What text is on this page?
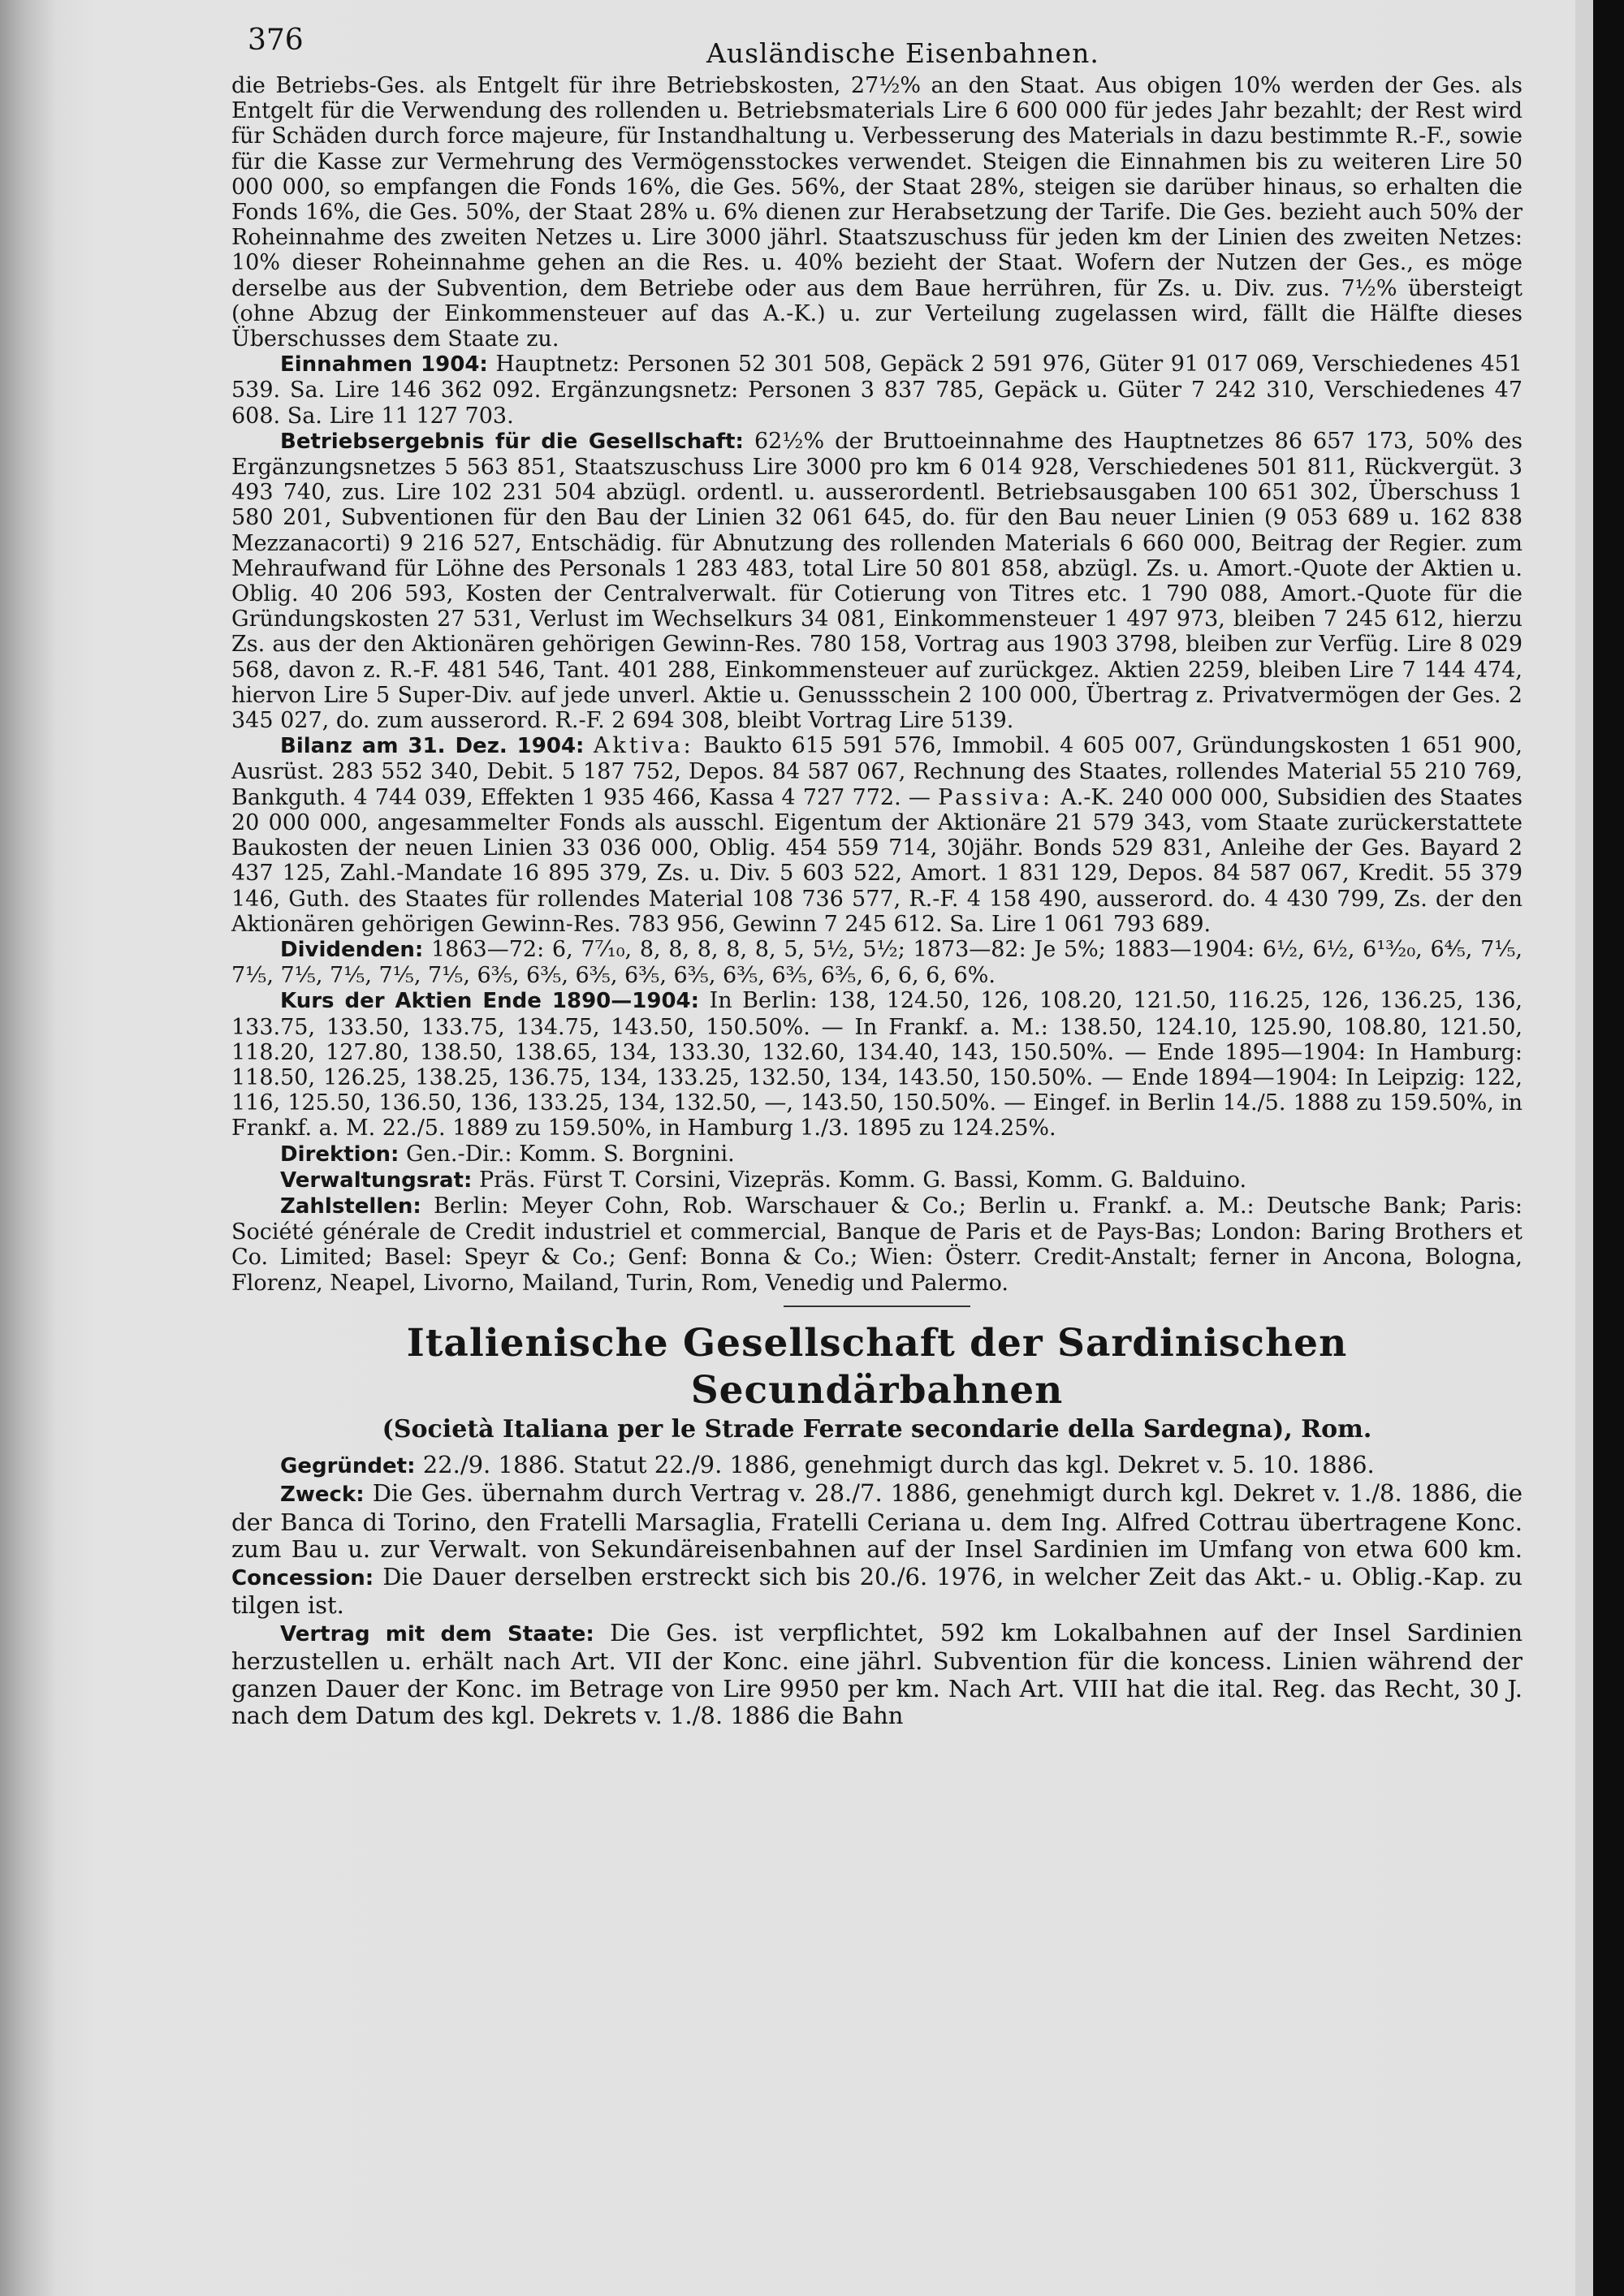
376	Ausländische Eisenbahnen.

die Betriebs-Ges. als Entgelt für ihre Betriebskosten, 27½% an den Staat. Aus obigen 10% werden der Ges. als Entgelt für die Verwendung des rollenden u. Betriebsmaterials Lire 6 600 000 für jedes Jahr bezahlt; der Rest wird für Schäden durch force majeure, für Instandhaltung u. Verbesserung des Materials in dazu bestimmte R.-F., sowie für die Kasse zur Vermehrung des Vermögensstockes verwendet. Steigen die Einnahmen bis zu weiteren Lire 50 000 000, so empfangen die Fonds 16%, die Ges. 56%, der Staat 28%, steigen sie darüber hinaus, so erhalten die Fonds 16%, die Ges. 50%, der Staat 28% u. 6% dienen zur Herabsetzung der Tarife. Die Ges. bezieht auch 50% der Roheinnahme des zweiten Netzes u. Lire 3000 jährl. Staatszuschuss für jeden km der Linien des zweiten Netzes: 10% dieser Roheinnahme gehen an die Res. u. 40% bezieht der Staat. Wofern der Nutzen der Ges., es möge derselbe aus der Subvention, dem Betriebe oder aus dem Baue herrühren, für Zs. u. Div. zus. 7½% übersteigt (ohne Abzug der Einkommensteuer auf das A.-K.) u. zur Verteilung zugelassen wird, fällt die Hälfte dieses Überschusses dem Staate zu.

Einnahmen 1904: Hauptnetz: Personen 52 301 508, Gepäck 2 591 976, Güter 91 017 069, Verschiedenes 451 539. Sa. Lire 146 362 092. Ergänzungsnetz: Personen 3 837 785, Gepäck u. Güter 7 242 310, Verschiedenes 47 608. Sa. Lire 11 127 703.

Betriebsergebnis für die Gesellschaft: 62½% der Bruttoeinnahme des Hauptnetzes 86 657 173, 50% des Ergänzungsnetzes 5 563 851, Staatszuschuss Lire 3000 pro km 6 014 928, Verschiedenes 501 811, Rückvergüt. 3 493 740, zus. Lire 102 231 504 abzügl. ordentl. u. ausserordentl. Betriebsausgaben 100 651 302, Überschuss 1 580 201, Subventionen für den Bau der Linien 32 061 645, do. für den Bau neuer Linien (9 053 689 u. 162 838 Mezzanacorti) 9 216 527, Entschädig. für Abnutzung des rollenden Materials 6 660 000, Beitrag der Regier. zum Mehraufwand für Löhne des Personals 1 283 483, total Lire 50 801 858, abzügl. Zs. u. Amort.-Quote der Aktien u. Oblig. 40 206 593, Kosten der Centralverwalt. für Cotierung von Titres etc. 1 790 088, Amort.-Quote für die Gründungskosten 27 531, Verlust im Wechselkurs 34 081, Einkommensteuer 1 497 973, bleiben 7 245 612, hierzu Zs. aus der den Aktionären gehörigen Gewinn-Res. 780 158, Vortrag aus 1903 3798, bleiben zur Verfüg. Lire 8 029 568, davon z. R.-F. 481 546, Tant. 401 288, Einkommensteuer auf zurückgez. Aktien 2259, bleiben Lire 7 144 474, hiervon Lire 5 Super-Div. auf jede unverl. Aktie u. Genussschein 2 100 000, Übertrag z. Privatvermögen der Ges. 2 345 027, do. zum ausserord. R.-F. 2 694 308, bleibt Vortrag Lire 5139.

Bilanz am 31. Dez. 1904: Aktiva: Baukto 615 591 576, Immobil. 4 605 007, Gründungskosten 1 651 900, Ausrüst. 283 552 340, Debit. 5 187 752, Depos. 84 587 067, Rechnung des Staates, rollendes Material 55 210 769, Bankguth. 4 744 039, Effekten 1 935 466, Kassa 4 727 772. — Passiva: A.-K. 240 000 000, Subsidien des Staates 20 000 000, angesammelter Fonds als ausschl. Eigentum der Aktionäre 21 579 343, vom Staate zurückerstattete Baukosten der neuen Linien 33 036 000, Oblig. 454 559 714, 30jähr. Bonds 529 831, Anleihe der Ges. Bayard 2 437 125, Zahl.-Mandate 16 895 379, Zs. u. Div. 5 603 522, Amort. 1 831 129, Depos. 84 587 067, Kredit. 55 379 146, Guth. des Staates für rollendes Material 108 736 577, R.-F. 4 158 490, ausserord. do. 4 430 799, Zs. der den Aktionären gehörigen Gewinn-Res. 783 956, Gewinn 7 245 612. Sa. Lire 1 061 793 689.

Dividenden: 1863—72: 6, 7⁷⁄₁₀, 8, 8, 8, 8, 8, 5, 5½, 5½; 1873—82: Je 5%; 1883—1904: 6½, 6½, 6¹³⁄₂₀, 6⁴⁄₅, 7¹⁄₅, 7¹⁄₅, 7¹⁄₅, 7¹⁄₅, 7¹⁄₅, 7¹⁄₅, 6³⁄₅, 6³⁄₅, 6³⁄₅, 6³⁄₅, 6³⁄₅, 6³⁄₅, 6³⁄₅, 6³⁄₅, 6, 6, 6, 6%.

Kurs der Aktien Ende 1890—1904: In Berlin: 138, 124.50, 126, 108.20, 121.50, 116.25, 126, 136.25, 136, 133.75, 133.50, 133.75, 134.75, 143.50, 150.50%. — In Frankf. a. M.: 138.50, 124.10, 125.90, 108.80, 121.50, 118.20, 127.80, 138.50, 138.65, 134, 133.30, 132.60, 134.40, 143, 150.50%. — Ende 1895—1904: In Hamburg: 118.50, 126.25, 138.25, 136.75, 134, 133.25, 132.50, 134, 143.50, 150.50%. — Ende 1894—1904: In Leipzig: 122, 116, 125.50, 136.50, 136, 133.25, 134, 132.50, —, 143.50, 150.50%. — Eingef. in Berlin 14./5. 1888 zu 159.50%, in Frankf. a. M. 22./5. 1889 zu 159.50%, in Hamburg 1./3. 1895 zu 124.25%.

Direktion: Gen.-Dir.: Komm. S. Borgnini.

Verwaltungsrat: Präs. Fürst T. Corsini, Vizepräs. Komm. G. Bassi, Komm. G. Balduino.

Zahlstellen: Berlin: Meyer Cohn, Rob. Warschauer & Co.; Berlin u. Frankf. a. M.: Deutsche Bank; Paris: Société générale de Credit industriel et commercial, Banque de Paris et de Pays-Bas; London: Baring Brothers et Co. Limited; Basel: Speyr & Co.; Genf: Bonna & Co.; Wien: Österr. Credit-Anstalt; ferner in Ancona, Bologna, Florenz, Neapel, Livorno, Mailand, Turin, Rom, Venedig und Palermo.

Italienische Gesellschaft der Sardinischen Secundärbahnen
(Società Italiana per le Strade Ferrate secondarie della Sardegna), Rom.

Gegründet: 22./9. 1886. Statut 22./9. 1886, genehmigt durch das kgl. Dekret v. 5. 10. 1886.

Zweck: Die Ges. übernahm durch Vertrag v. 28./7. 1886, genehmigt durch kgl. Dekret v. 1./8. 1886, die der Banca di Torino, den Fratelli Marsaglia, Fratelli Ceriana u. dem Ing. Alfred Cottrau übertragene Konc. zum Bau u. zur Verwalt. von Sekundäreisenbahnen auf der Insel Sardinien im Umfang von etwa 600 km. Concession: Die Dauer derselben erstreckt sich bis 20./6. 1976, in welcher Zeit das Akt.- u. Oblig.-Kap. zu tilgen ist.

Vertrag mit dem Staate: Die Ges. ist verpflichtet, 592 km Lokalbahnen auf der Insel Sardinien herzustellen u. erhält nach Art. VII der Konc. eine jährl. Subvention für die koncess. Linien während der ganzen Dauer der Konc. im Betrage von Lire 9950 per km. Nach Art. VIII hat die ital. Reg. das Recht, 30 J. nach dem Datum des kgl. Dekrets v. 1./8. 1886 die Bahn
